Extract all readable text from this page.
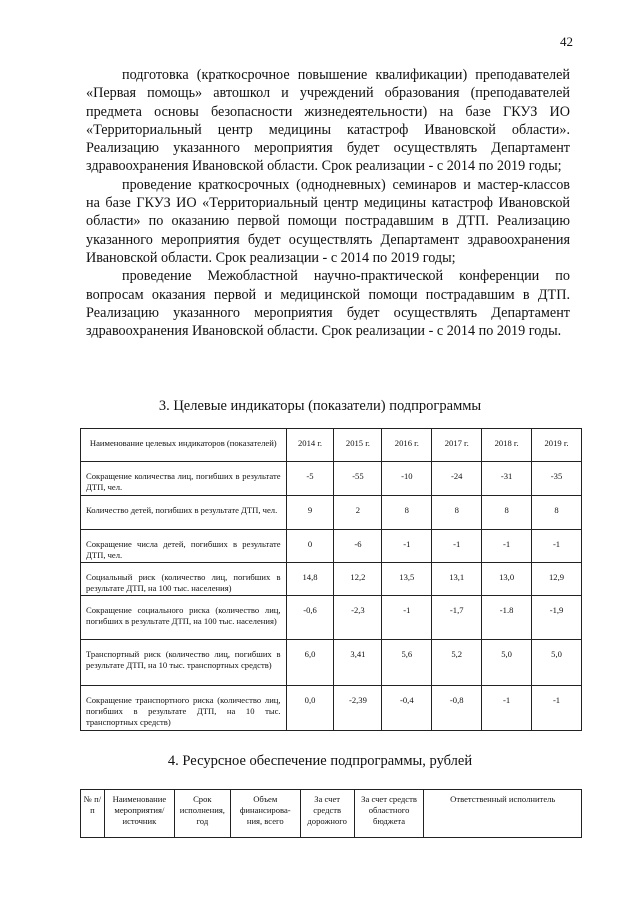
42

подготовка (краткосрочное повышение квалификации) преподавателей «Первая помощь» автошкол и учреждений образования (преподавателей предмета основы безопасности жизнедеятельности) на базе ГКУЗ ИО «Территориальный центр медицины катастроф Ивановской области». Реализацию указанного мероприятия будет осуществлять Департамент здравоохранения Ивановской области. Срок реализации - с 2014 по 2019 годы;

проведение краткосрочных (однодневных) семинаров и мастер-классов на базе ГКУЗ ИО «Территориальный центр медицины катастроф Ивановской области» по оказанию первой помощи пострадавшим в ДТП. Реализацию указанного мероприятия будет осуществлять Департамент здравоохранения Ивановской области. Срок реализации - с 2014 по 2019 годы;

проведение Межобластной научно-практической конференции по вопросам оказания первой и медицинской помощи пострадавшим в ДТП. Реализацию указанного мероприятия будет осуществлять Департамент здравоохранения Ивановской области. Срок реализации - с 2014 по 2019 годы.

3. Целевые индикаторы (показатели) подпрограммы
Наименование целевых индикаторов (показателей)	2014 г.	2015 г.	2016 г.	2017 г.	2018 г.	2019 г.
Сокращение количества лиц, погибших в результате ДТП, чел.	-5	-55	-10	-24	-31	-35
Количество детей, погибших в результате ДТП, чел.	9	2	8	8	8	8
Сокращение числа детей, погибших в результате ДТП, чел.	0	-6	-1	-1	-1	-1
Социальный риск (количество лиц, погибших в результате ДТП, на 100 тыс. населения)	14,8	12,2	13,5	13,1	13,0	12,9
Сокращение социального риска (количество лиц, погибших в результате ДТП, на 100 тыс. населения)	-0,6	-2,3	-1	-1,7	-1.8	-1,9
Транспортный риск (количество лиц, погибших в результате ДТП, на 10 тыс. транспортных средств)	6,0	3,41	5,6	5,2	5,0	5,0
Сокращение транспортного риска (количество лиц, погибших в результате ДТП, на 10 тыс. транспортных средств)	0,0	-2,39	-0,4	-0,8	-1	-1
4. Ресурсное обеспечение подпрограммы, рублей
№ п/п	Наименование мероприятия/ источник	Срок исполнения, год	Объем финансирова-ния, всего	За счет средств дорожного	За счет средств областного бюджета	Ответственный исполнитель
